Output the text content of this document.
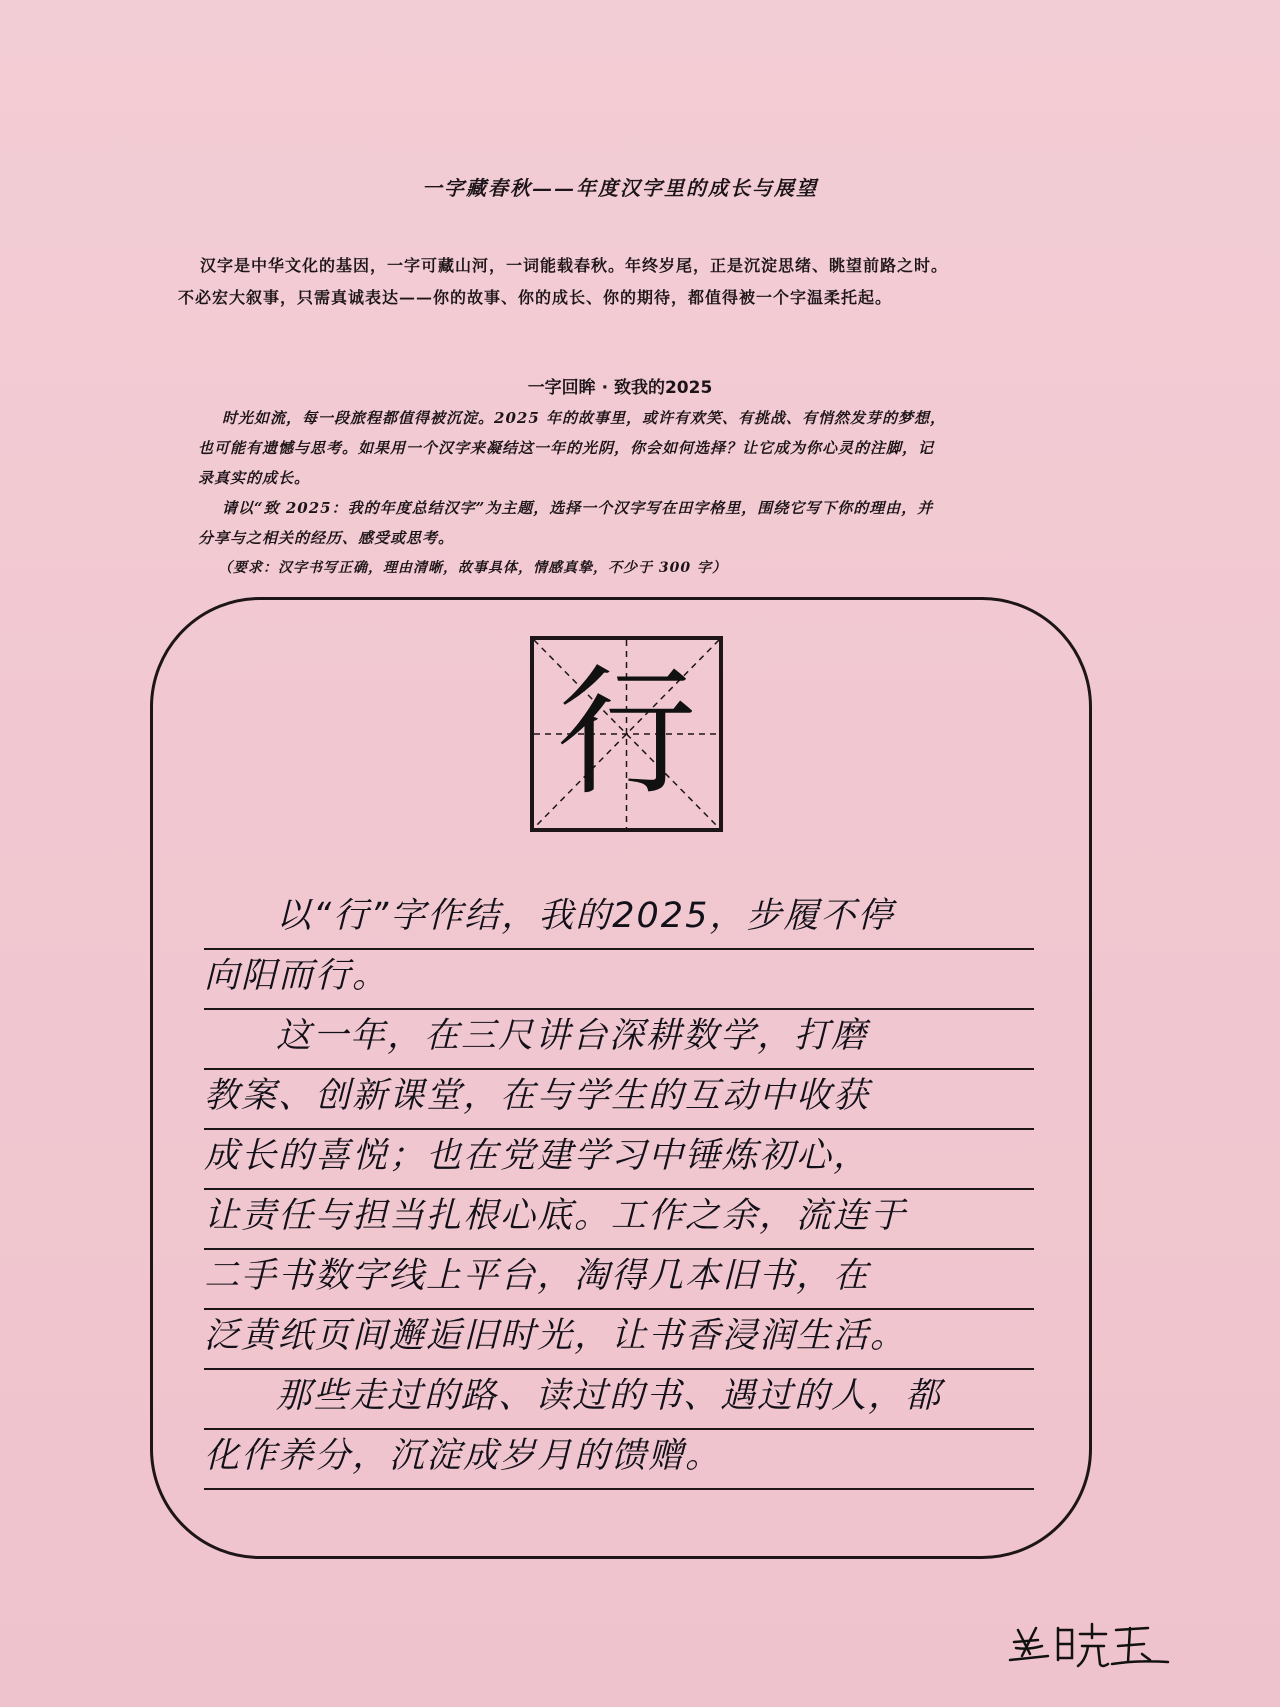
一字藏春秋——年度汉字里的成长与展望

汉字是中华文化的基因，一字可藏山河，一词能载春秋。年终岁尾，正是沉淀思绪、眺望前路之时。

不必宏大叙事，只需真诚表达——你的故事、你的成长、你的期待，都值得被一个字温柔托起。

一字回眸 · 致我的2025

时光如流，每一段旅程都值得被沉淀。2025 年的故事里，或许有欢笑、有挑战、有悄然发芽的梦想，

也可能有遗憾与思考。如果用一个汉字来凝结这一年的光阴，你会如何选择？让它成为你心灵的注脚，记

录真实的成长。

请以“致 2025：我的年度总结汉字”为主题，选择一个汉字写在田字格里，围绕它写下你的理由，并

分享与之相关的经历、感受或思考。

（要求：汉字书写正确，理由清晰，故事具体，情感真挚，不少于 300 字）

行
以“行”字作结，我的2025，步履不停
向阳而行。
这一年，在三尺讲台深耕数学，打磨
教案、创新课堂，在与学生的互动中收获
成长的喜悦；也在党建学习中锤炼初心，
让责任与担当扎根心底。工作之余，流连于
二手书数字线上平台，淘得几本旧书，在
泛黄纸页间邂逅旧时光，让书香浸润生活。
那些走过的路、读过的书、遇过的人，都
化作养分，沉淀成岁月的馈赠。
